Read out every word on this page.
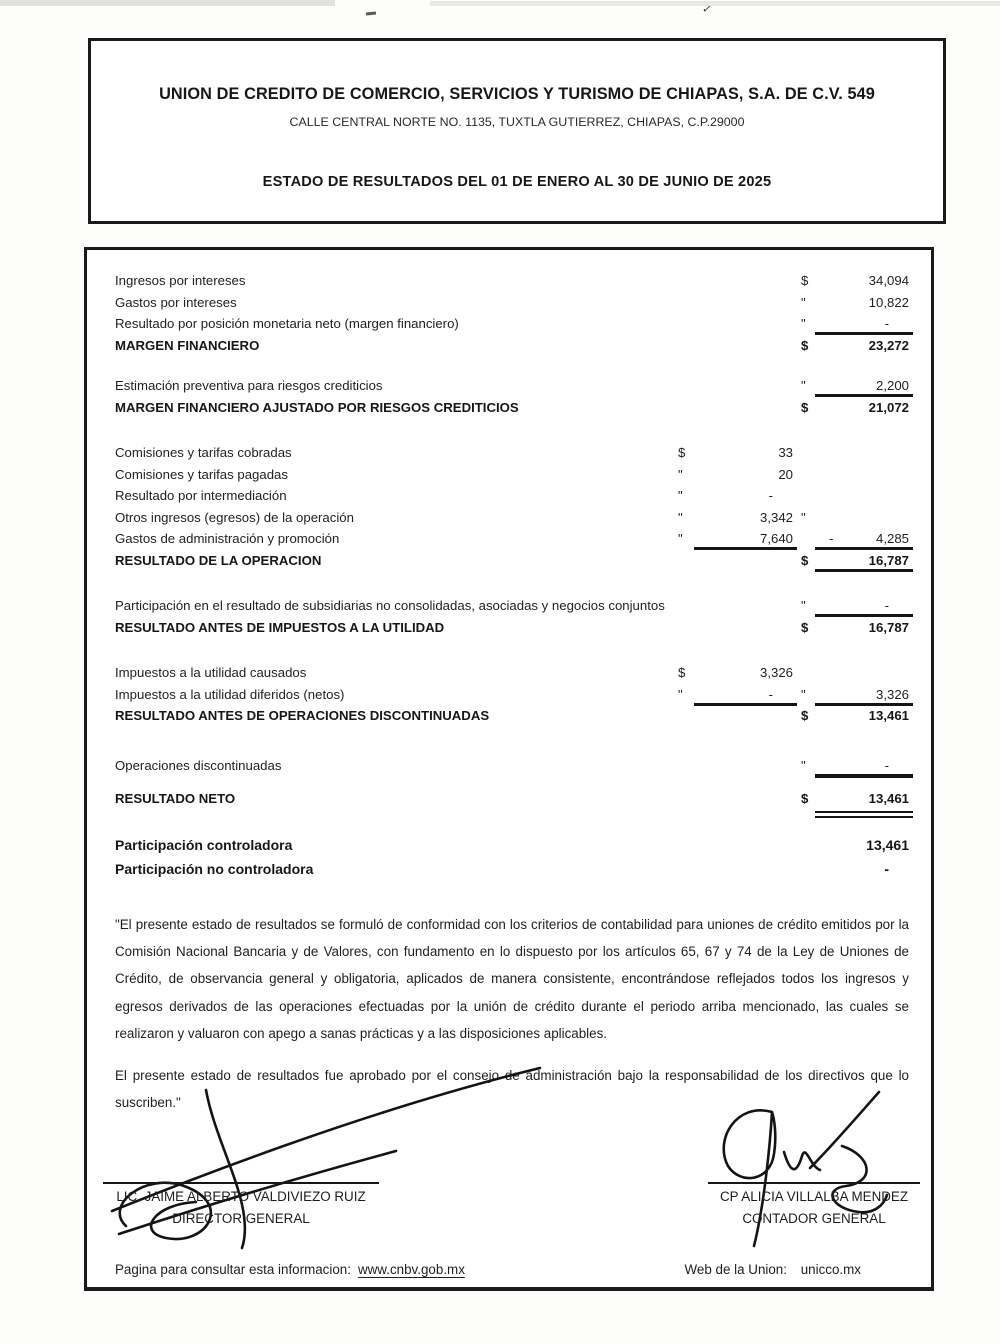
✓
UNION DE CREDITO DE COMERCIO, SERVICIOS Y TURISMO DE CHIAPAS, S.A. DE C.V. 549
CALLE CENTRAL NORTE NO. 1135, TUXTLA GUTIERREZ, CHIAPAS, C.P.29000
ESTADO DE RESULTADOS DEL 01 DE ENERO AL 30 DE JUNIO DE 2025
Ingresos por intereses	$	34,094
Gastos por intereses	"	10,822
Resultado por posición monetaria neto (margen financiero)	"	-
MARGEN FINANCIERO	$	23,272
Estimación preventiva para riesgos crediticios	"	2,200
MARGEN FINANCIERO AJUSTADO POR RIESGOS CREDITICIOS	$	21,072
Comisiones y tarifas cobradas	$	33
Comisiones y tarifas pagadas	"	20
Resultado por intermediación	"	-
Otros ingresos (egresos) de la operación	"	3,342 "
Gastos de administración y promoción	"	7,640	-	4,285
RESULTADO DE LA OPERACION	$	16,787
Participación en el resultado de subsidiarias no consolidadas, asociadas y negocios conjuntos	"	-
RESULTADO ANTES DE IMPUESTOS A LA UTILIDAD	$	16,787
Impuestos a la utilidad causados	$	3,326
Impuestos a la utilidad diferidos (netos)	"	-	"	3,326
RESULTADO ANTES DE OPERACIONES DISCONTINUADAS	$	13,461
Operaciones discontinuadas	"	-
RESULTADO NETO	$	13,461
Participación controladora	13,461
Participación no controladora	-

"El presente estado de resultados se formuló de conformidad con los criterios de contabilidad para uniones de crédito emitidos por la Comisión Nacional Bancaria y de Valores, con fundamento en lo dispuesto por los artículos 65, 67 y 74 de la Ley de Uniones de Crédito, de observancia general y obligatoria, aplicados de manera consistente, encontrándose reflejados todos los ingresos y egresos derivados de las operaciones efectuadas por la unión de crédito durante el periodo arriba mencionado, las cuales se realizaron y valuaron con apego a sanas prácticas y a las disposiciones aplicables.

El presente estado de resultados fue aprobado por el consejo de administración bajo la responsabilidad de los directivos que lo suscriben."

LIC. JAIME ALBERTO VALDIVIEZO RUIZ
DIRECTOR GENERAL
CP ALICIA VILLALBA MENDEZ
CONTADOR GENERAL
Pagina para consultar esta informacion: www.cnbv.gob.mx	Web de la Union: unicco.mx
